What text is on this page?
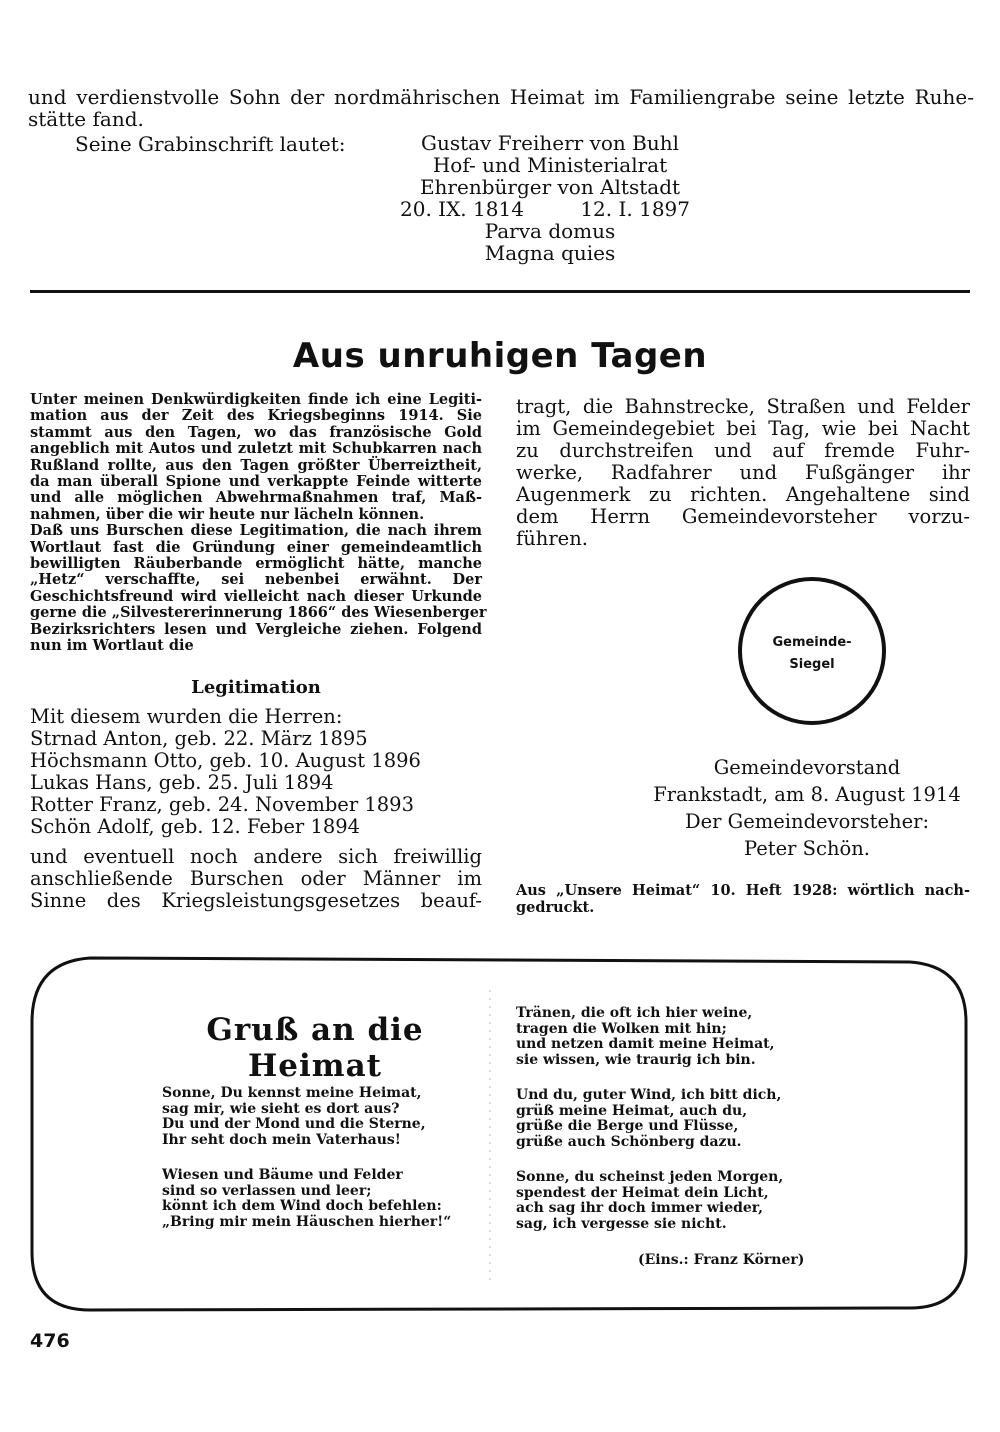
und verdienstvolle Sohn der nordmährischen Heimat im Familiengrabe seine letzte Ruhe-
stätte fand.
Seine Grabinschrift lautet:	Gustav Freiherr von Buhl
Hof- und Ministerialrat
Ehrenbürger von Altstadt
20. IX. 1814	12. I. 1897
Parva domus
Magna quies
Aus unruhigen Tagen
Unter meinen Denkwürdigkeiten finde ich eine Legiti-
mation aus der Zeit des Kriegsbeginns 1914. Sie
stammt aus den Tagen, wo das französische Gold
angeblich mit Autos und zuletzt mit Schubkarren nach
Rußland rollte, aus den Tagen größter Überreiztheit,
da man überall Spione und verkappte Feinde witterte
und alle möglichen Abwehrmaßnahmen traf, Maß-
nahmen, über die wir heute nur lächeln können.
Daß uns Burschen diese Legitimation, die nach ihrem
Wortlaut fast die Gründung einer gemeindeamtlich
bewilligten Räuberbande ermöglicht hätte, manche
„Hetz“ verschaffte, sei nebenbei erwähnt. Der
Geschichtsfreund wird vielleicht nach dieser Urkunde
gerne die „Silvestererinnerung 1866“ des Wiesenberger
Bezirksrichters lesen und Vergleiche ziehen. Folgend
nun im Wortlaut die
Legitimation
Mit diesem wurden die Herren:
Strnad Anton, geb. 22. März 1895
Höchsmann Otto, geb. 10. August 1896
Lukas Hans, geb. 25. Juli 1894
Rotter Franz, geb. 24. November 1893
Schön Adolf, geb. 12. Feber 1894
und eventuell noch andere sich freiwillig
anschließende Burschen oder Männer im
Sinne des Kriegsleistungsgesetzes beauf-
tragt, die Bahnstrecke, Straßen und Felder
im Gemeindegebiet bei Tag, wie bei Nacht
zu durchstreifen und auf fremde Fuhr-
werke, Radfahrer und Fußgänger ihr
Augenmerk zu richten. Angehaltene sind
dem Herrn Gemeindevorsteher vorzu-
führen.
Gemeinde-
Siegel
Gemeindevorstand
Frankstadt, am 8. August 1914
Der Gemeindevorsteher:
Peter Schön.
Aus „Unsere Heimat“ 10. Heft 1928: wörtlich nach-
gedruckt.
Gruß an die Heimat
Sonne, Du kennst meine Heimat,
sag mir, wie sieht es dort aus?
Du und der Mond und die Sterne,
Ihr seht doch mein Vaterhaus!
Wiesen und Bäume und Felder
sind so verlassen und leer;
könnt ich dem Wind doch befehlen:
„Bring mir mein Häuschen hierher!“
Tränen, die oft ich hier weine,
tragen die Wolken mit hin;
und netzen damit meine Heimat,
sie wissen, wie traurig ich bin.
Und du, guter Wind, ich bitt dich,
grüß meine Heimat, auch du,
grüße die Berge und Flüsse,
grüße auch Schönberg dazu.
Sonne, du scheinst jeden Morgen,
spendest der Heimat dein Licht,
ach sag ihr doch immer wieder,
sag, ich vergesse sie nicht.
(Eins.: Franz Körner)
476
